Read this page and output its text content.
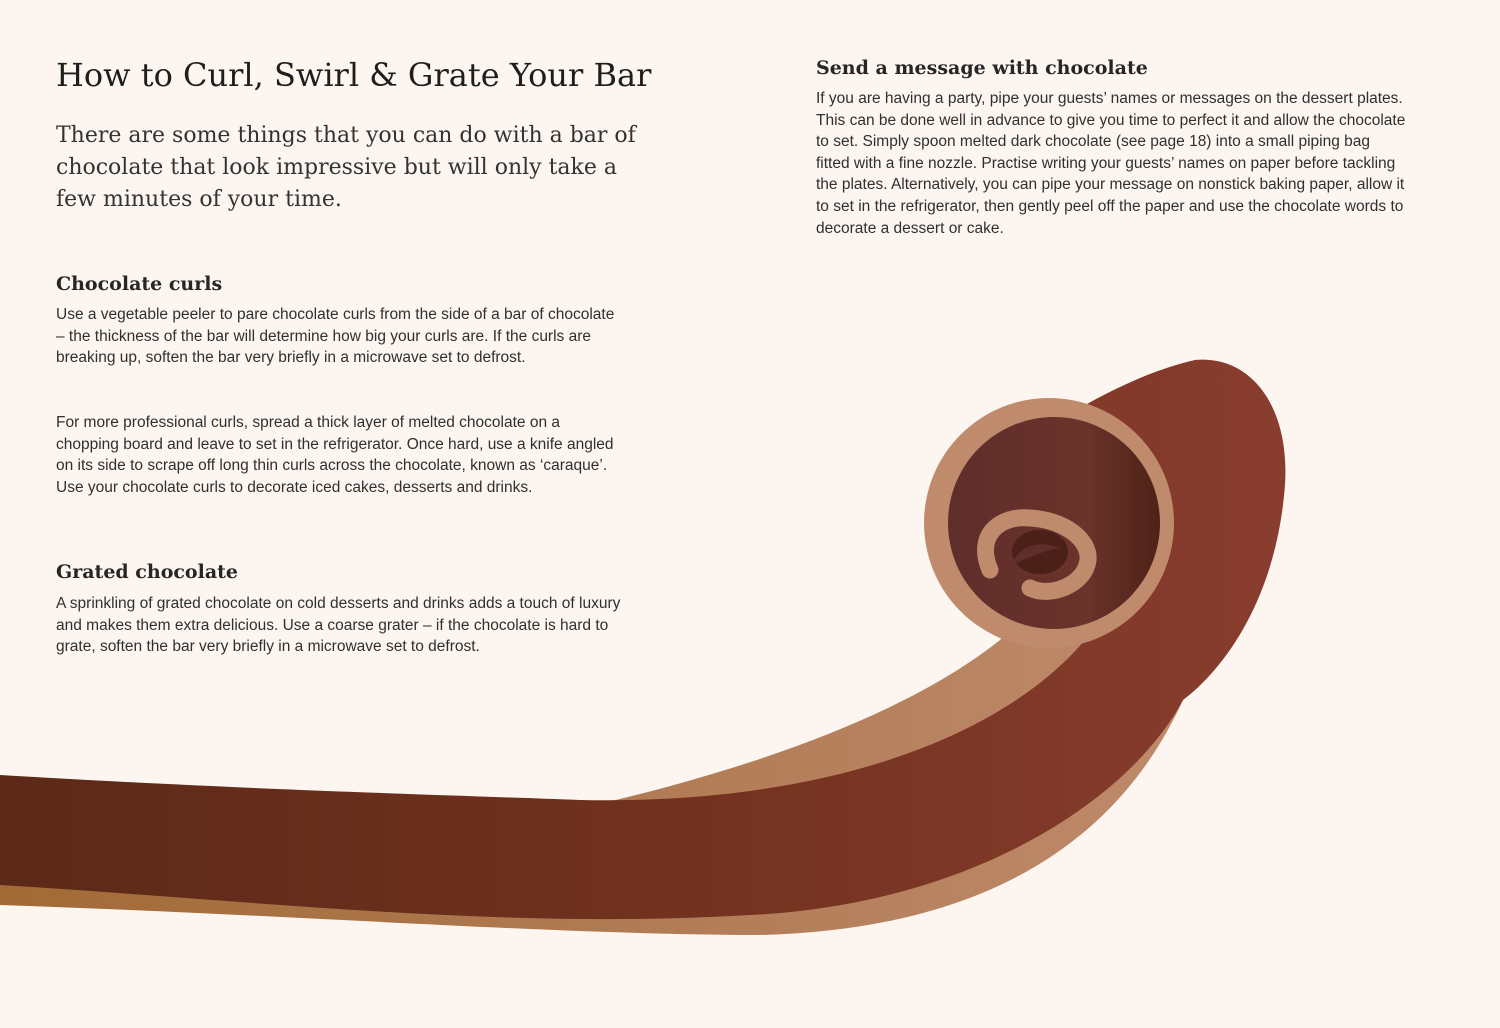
How to Curl, Swirl & Grate Your Bar

There are some things that you can do with a bar of chocolate that look impressive but will only take a few minutes of your time.

Chocolate curls

Use a vegetable peeler to pare chocolate curls from the side of a bar of chocolate – the thickness of the bar will determine how big your curls are. If the curls are breaking up, soften the bar very briefly in a microwave set to defrost.

For more professional curls, spread a thick layer of melted chocolate on a chopping board and leave to set in the refrigerator. Once hard, use a knife angled on its side to scrape off long thin curls across the chocolate, known as ‘caraque’. Use your chocolate curls to decorate iced cakes, desserts and drinks.

Grated chocolate

A sprinkling of grated chocolate on cold desserts and drinks adds a touch of luxury and makes them extra delicious. Use a coarse grater – if the chocolate is hard to grate, soften the bar very briefly in a microwave set to defrost.

Send a message with chocolate

If you are having a party, pipe your guests’ names or messages on the dessert plates. This can be done well in advance to give you time to perfect it and allow the chocolate to set. Simply spoon melted dark chocolate (see page 18) into a small piping bag fitted with a fine nozzle. Practise writing your guests’ names on paper before tackling the plates. Alternatively, you can pipe your message on nonstick baking paper, allow it to set in the refrigerator, then gently peel off the paper and use the chocolate words to decorate a dessert or cake.
